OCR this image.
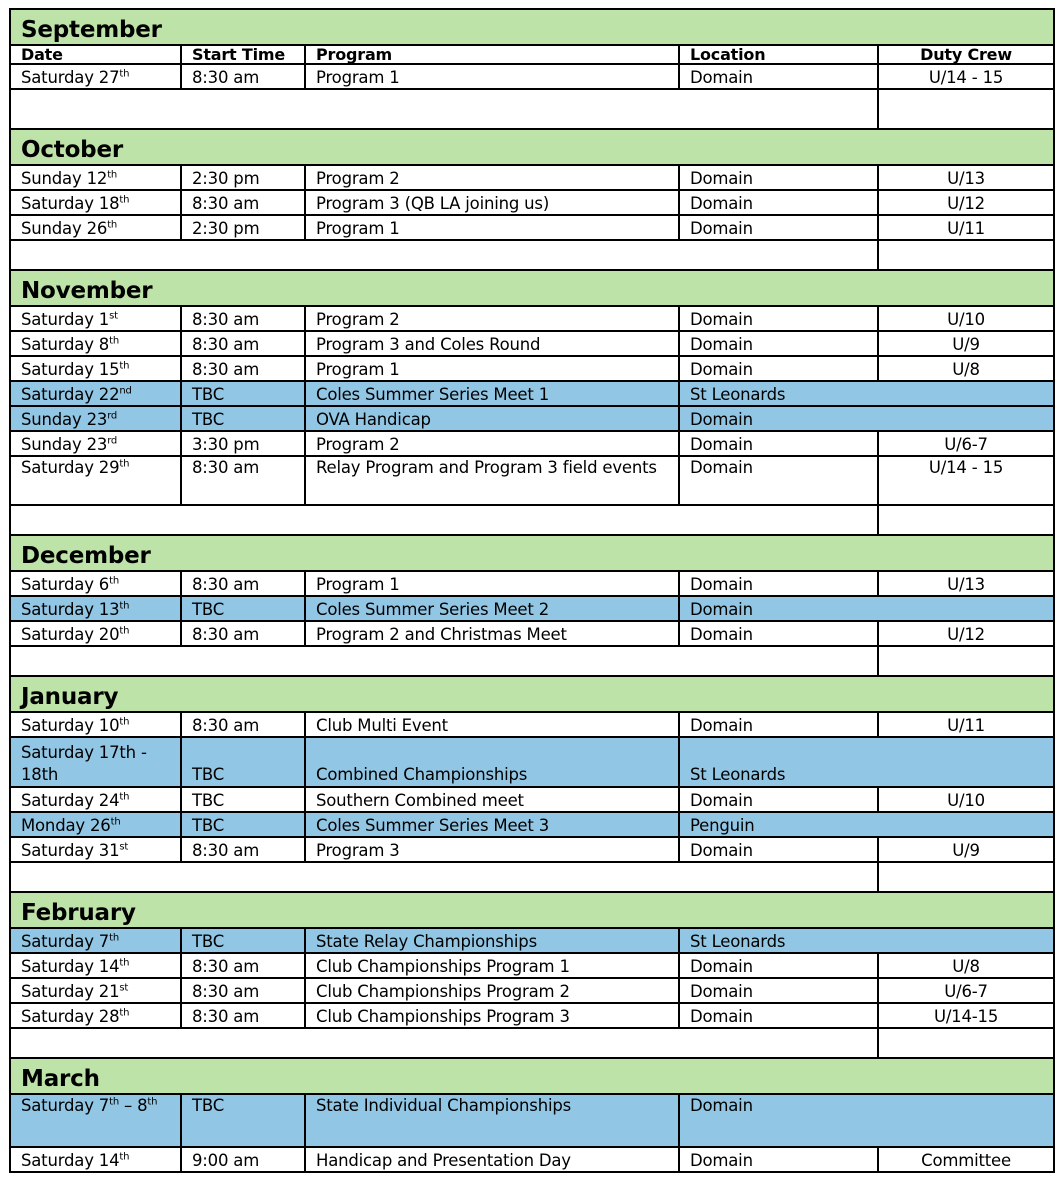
September				
Date	Start Time	Program	Location	Duty Crew
Saturday 27th	8:30 am	Program 1	Domain	U/14 - 15

October				
Sunday 12th	2:30 pm	Program 2	Domain	U/13
Saturday 18th	8:30 am	Program 3 (QB LA joining us)	Domain	U/12
Sunday 26th	2:30 pm	Program 1	Domain	U/11

November				
Saturday 1st	8:30 am	Program 2	Domain	U/10
Saturday 8th	8:30 am	Program 3 and Coles Round	Domain	U/9
Saturday 15th	8:30 am	Program 1	Domain	U/8
Saturday 22nd	TBC	Coles Summer Series Meet 1	St Leonards	
Sunday 23rd	TBC	OVA Handicap	Domain	
Sunday 23rd	3:30 pm	Program 2	Domain	U/6-7
Saturday 29th	8:30 am	Relay Program and Program 3 field events	Domain	U/14 - 15

December				
Saturday 6th	8:30 am	Program 1	Domain	U/13
Saturday 13th	TBC	Coles Summer Series Meet 2	Domain	
Saturday 20th	8:30 am	Program 2 and Christmas Meet	Domain	U/12

January				
Saturday 10th	8:30 am	Club Multi Event	Domain	U/11
Saturday 17th - 18th	TBC	Combined Championships	St Leonards	
Saturday 24th	TBC	Southern Combined meet	Domain	U/10
Monday 26th	TBC	Coles Summer Series Meet 3	Penguin	
Saturday 31st	8:30 am	Program 3	Domain	U/9

February				
Saturday 7th	TBC	State Relay Championships	St Leonards	
Saturday 14th	8:30 am	Club Championships Program 1	Domain	U/8
Saturday 21st	8:30 am	Club Championships Program 2	Domain	U/6-7
Saturday 28th	8:30 am	Club Championships Program 3	Domain	U/14-15

March				
Saturday 7th – 8th	TBC	State Individual Championships	Domain	
Saturday 14th	9:00 am	Handicap and Presentation Day	Domain	Committee
